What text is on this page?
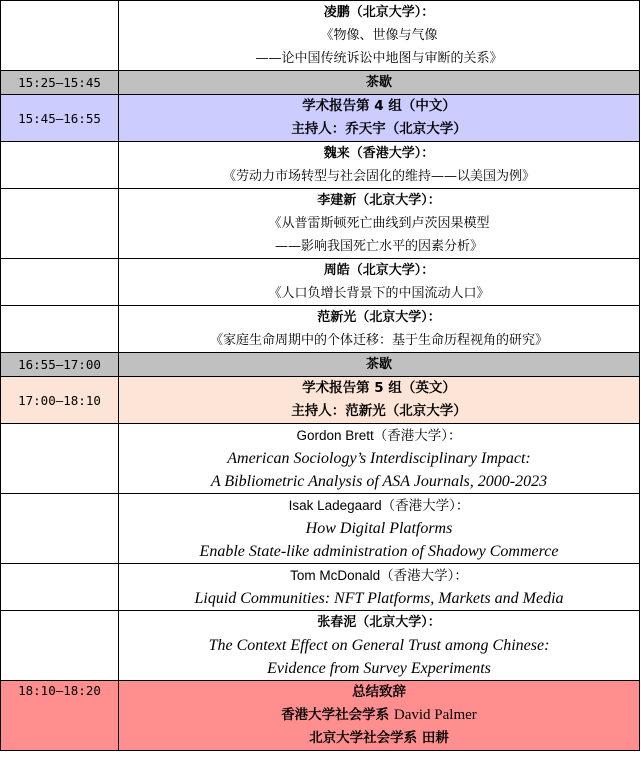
	凌鹏（北京大学）：
《物像、世像与气像
——论中国传统诉讼中地图与审断的关系》

15:25–15:45	茶歇

15:45–16:55	学术报告第 4 组（中文）
主持人：乔天宇（北京大学）

	魏来（香港大学）：
《劳动力市场转型与社会固化的维持——以美国为例》

	李建新（北京大学）：
《从普雷斯顿死亡曲线到卢茨因果模型
——影响我国死亡水平的因素分析》

	周皓（北京大学）：
《人口负增长背景下的中国流动人口》

	范新光（北京大学）：
《家庭生命周期中的个体迁移：基于生命历程视角的研究》

16:55–17:00	茶歇

17:00–18:10	学术报告第 5 组（英文）
主持人：范新光（北京大学）

	Gordon Brett（香港大学）：
American Sociology’s Interdisciplinary Impact:
A Bibliometric Analysis of ASA Journals, 2000-2023

	Isak Ladegaard（香港大学）：
How Digital Platforms
Enable State-like administration of Shadowy Commerce

	Tom McDonald（香港大学）：
Liquid Communities: NFT Platforms, Markets and Media

	张春泥（北京大学）：
The Context Effect on General Trust among Chinese:
Evidence from Survey Experiments

18:10–18:20	总结致辞
香港大学社会学系 David Palmer
北京大学社会学系 田耕
